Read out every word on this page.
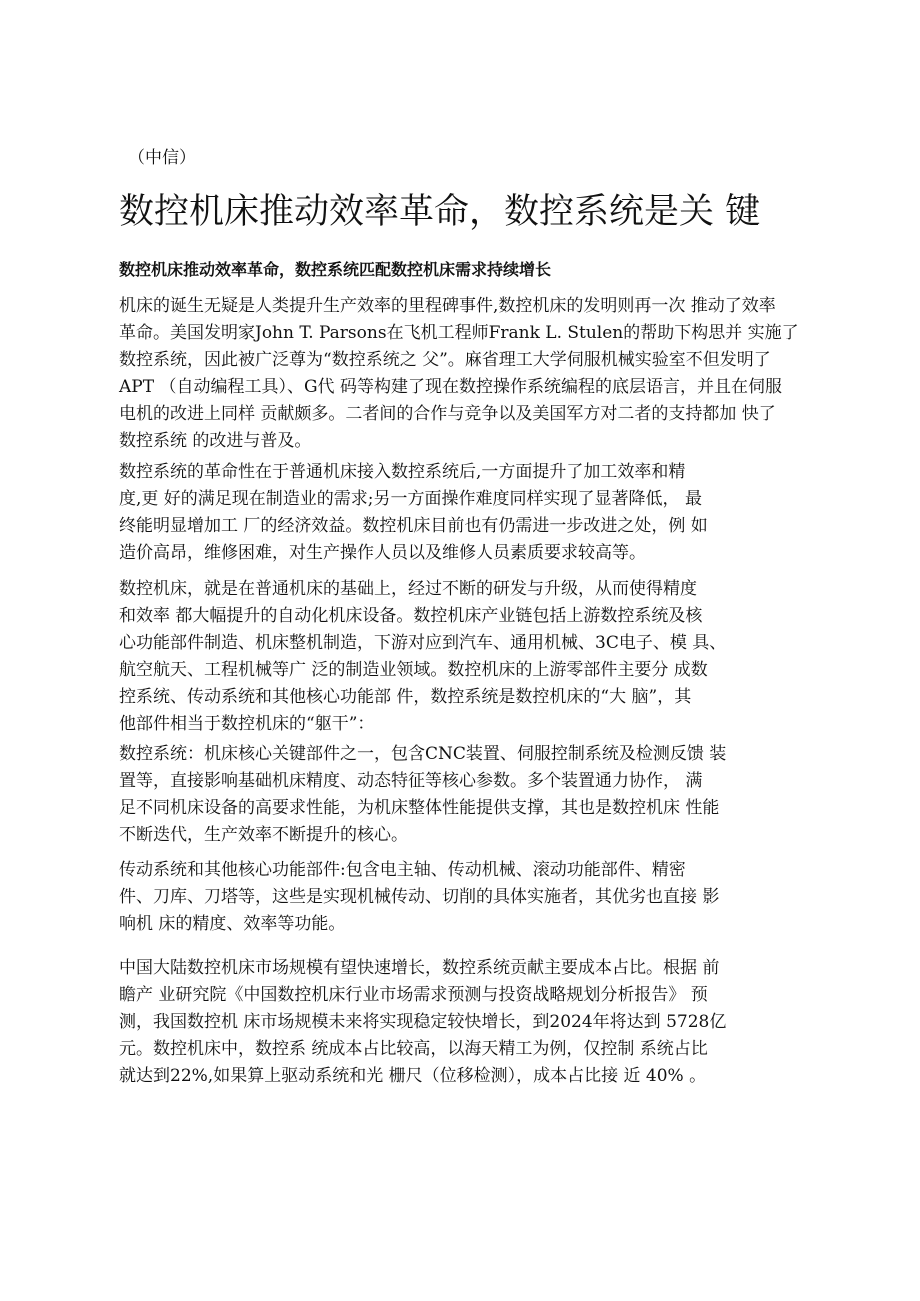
（中信）
数控机床推动效率革命，数控系统是关 键
数控机床推动效率革命，数控系统匹配数控机床需求持续增长
机床的诞生无疑是人类提升生产效率的里程碑事件,数控机床的发明则再一次 推动了效率
革命。美国发明家John T. Parsons在飞机工程师Frank L. Stulen的帮助下构思并 实施了
数控系统，因此被广泛尊为“数控系统之 父”。麻省理工大学伺服机械实验室不但发明了
APT （自动编程工具）、G代 码等构建了现在数控操作系统编程的底层语言，并且在伺服
电机的改进上同样 贡献颇多。二者间的合作与竞争以及美国军方对二者的支持都加 快了
数控系统 的改进与普及。
数控系统的革命性在于普通机床接入数控系统后,一方面提升了加工效率和精
度,更 好的满足现在制造业的需求;另一方面操作难度同样实现了显著降低， 最
终能明显增加工 厂的经济效益。数控机床目前也有仍需进一步改进之处，例 如
造价高昂，维修困难，对生产操作人员以及维修人员素质要求较高等。
数控机床，就是在普通机床的基础上，经过不断的研发与升级，从而使得精度
和效率 都大幅提升的自动化机床设备。数控机床产业链包括上游数控系统及核
心功能部件制造、机床整机制造，下游对应到汽车、通用机械、3C电子、模 具、
航空航天、工程机械等广 泛的制造业领域。数控机床的上游零部件主要分 成数
控系统、传动系统和其他核心功能部 件，数控系统是数控机床的“大 脑”，其
他部件相当于数控机床的“躯干”：
数控系统：机床核心关键部件之一，包含CNC装置、伺服控制系统及检测反馈 装
置等，直接影响基础机床精度、动态特征等核心参数。多个装置通力协作， 满
足不同机床设备的高要求性能，为机床整体性能提供支撑，其也是数控机床 性能
不断迭代，生产效率不断提升的核心。
传动系统和其他核心功能部件:包含电主轴、传动机械、滚动功能部件、精密
件、刀库、刀塔等，这些是实现机械传动、切削的具体实施者，其优劣也直接 影
响机 床的精度、效率等功能。
中国大陆数控机床市场规模有望快速增长，数控系统贡献主要成本占比。根据 前
瞻产 业研究院《中国数控机床行业市场需求预测与投资战略规划分析报告》 预
测，我国数控机 床市场规模未来将实现稳定较快增长，到2024年将达到 5728亿
元。数控机床中，数控系 统成本占比较高，以海天精工为例，仅控制 系统占比
就达到22%,如果算上驱动系统和光 栅尺（位移检测），成本占比接 近 40% 。
